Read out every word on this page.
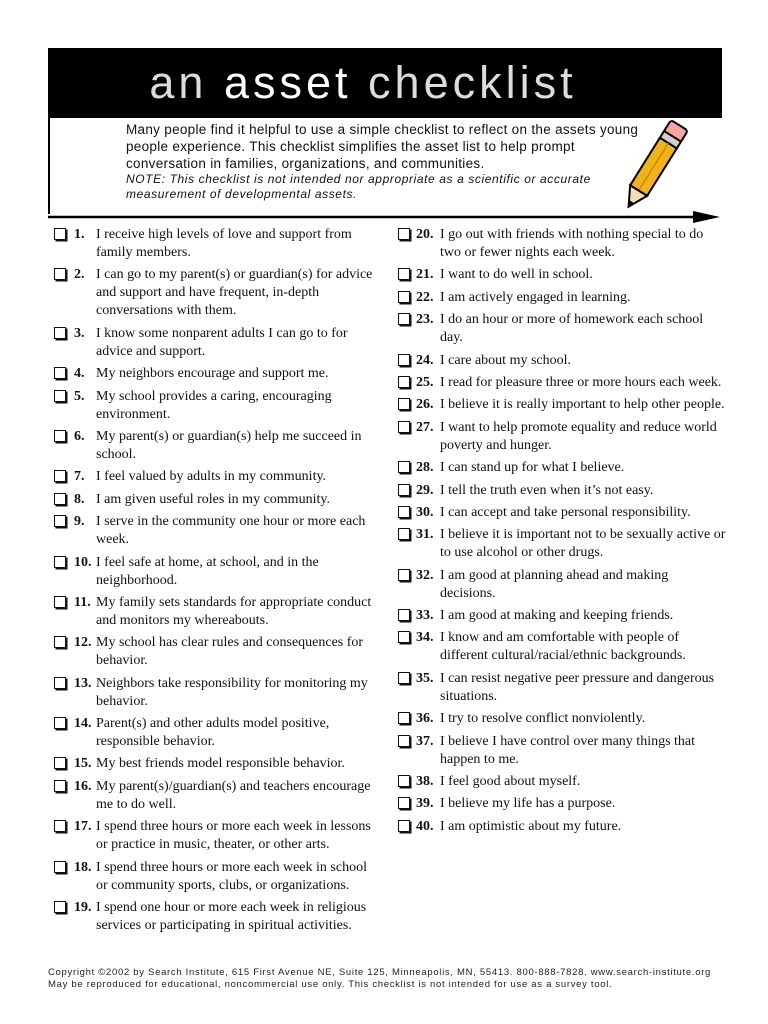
an asset checklist
Many people find it helpful to use a simple checklist to reflect on the assets young people experience. This checklist simplifies the asset list to help prompt conversation in families, organizations, and communities.
NOTE: This checklist is not intended nor appropriate as a scientific or accurate measurement of developmental assets.
1. I receive high levels of love and support from family members.
2. I can go to my parent(s) or guardian(s) for advice and support and have frequent, in-depth conversations with them.
3. I know some nonparent adults I can go to for advice and support.
4. My neighbors encourage and support me.
5. My school provides a caring, encouraging environment.
6. My parent(s) or guardian(s) help me succeed in school.
7. I feel valued by adults in my community.
8. I am given useful roles in my community.
9. I serve in the community one hour or more each week.
10. I feel safe at home, at school, and in the neighborhood.
11. My family sets standards for appropriate conduct and monitors my whereabouts.
12. My school has clear rules and consequences for behavior.
13. Neighbors take responsibility for monitoring my behavior.
14. Parent(s) and other adults model positive, responsible behavior.
15. My best friends model responsible behavior.
16. My parent(s)/guardian(s) and teachers encourage me to do well.
17. I spend three hours or more each week in lessons or practice in music, theater, or other arts.
18. I spend three hours or more each week in school or community sports, clubs, or organizations.
19. I spend one hour or more each week in religious services or participating in spiritual activities.
20. I go out with friends with nothing special to do two or fewer nights each week.
21. I want to do well in school.
22. I am actively engaged in learning.
23. I do an hour or more of homework each school day.
24. I care about my school.
25. I read for pleasure three or more hours each week.
26. I believe it is really important to help other people.
27. I want to help promote equality and reduce world poverty and hunger.
28. I can stand up for what I believe.
29. I tell the truth even when it’s not easy.
30. I can accept and take personal responsibility.
31. I believe it is important not to be sexually active or to use alcohol or other drugs.
32. I am good at planning ahead and making decisions.
33. I am good at making and keeping friends.
34. I know and am comfortable with people of different cultural/racial/ethnic backgrounds.
35. I can resist negative peer pressure and dangerous situations.
36. I try to resolve conflict nonviolently.
37. I believe I have control over many things that happen to me.
38. I feel good about myself.
39. I believe my life has a purpose.
40. I am optimistic about my future.
Copyright ©2002 by Search Institute, 615 First Avenue NE, Suite 125, Minneapolis, MN, 55413. 800-888-7828. www.search-institute.org
May be reproduced for educational, noncommercial use only. This checklist is not intended for use as a survey tool.
